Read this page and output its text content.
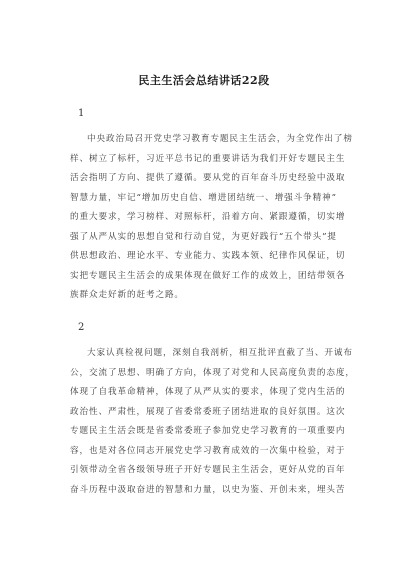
民主生活会总结讲话22段
1
中央政治局召开党史学习教育专题民主生活会，为全党作出了榜
样、树立了标杆，习近平总书记的重要讲话为我们开好专题民主生
活会指明了方向、提供了遵循。要从党的百年奋斗历史经验中汲取
智慧力量，牢记“增加历史自信、增进团结统一、增强斗争精神”
的重大要求，学习榜样、对照标杆，沿着方向、紧跟遵循，切实增
强了从严从实的思想自觉和行动自觉，为更好践行“五个带头”提
供思想政治、理论水平、专业能力、实践本领、纪律作风保证，切
实把专题民主生活会的成果体现在做好工作的成效上，团结带领各
族群众走好新的赶考之路。
2
大家认真检视问题，深刻自我剖析，相互批评直截了当、开诚布
公，交流了思想、明确了方向，体现了对党和人民高度负责的态度，
体现了自我革命精神，体现了从严从实的要求，体现了党内生活的
政治性、严肃性，展现了省委常委班子团结进取的良好氛围。这次
专题民主生活会既是省委常委班子参加党史学习教育的一项重要内
容，也是对各位同志开展党史学习教育成效的一次集中检验，对于
引领带动全省各级领导班子开好专题民主生活会，更好从党的百年
奋斗历程中汲取奋进的智慧和力量，以史为鉴、开创未来，埋头苦
